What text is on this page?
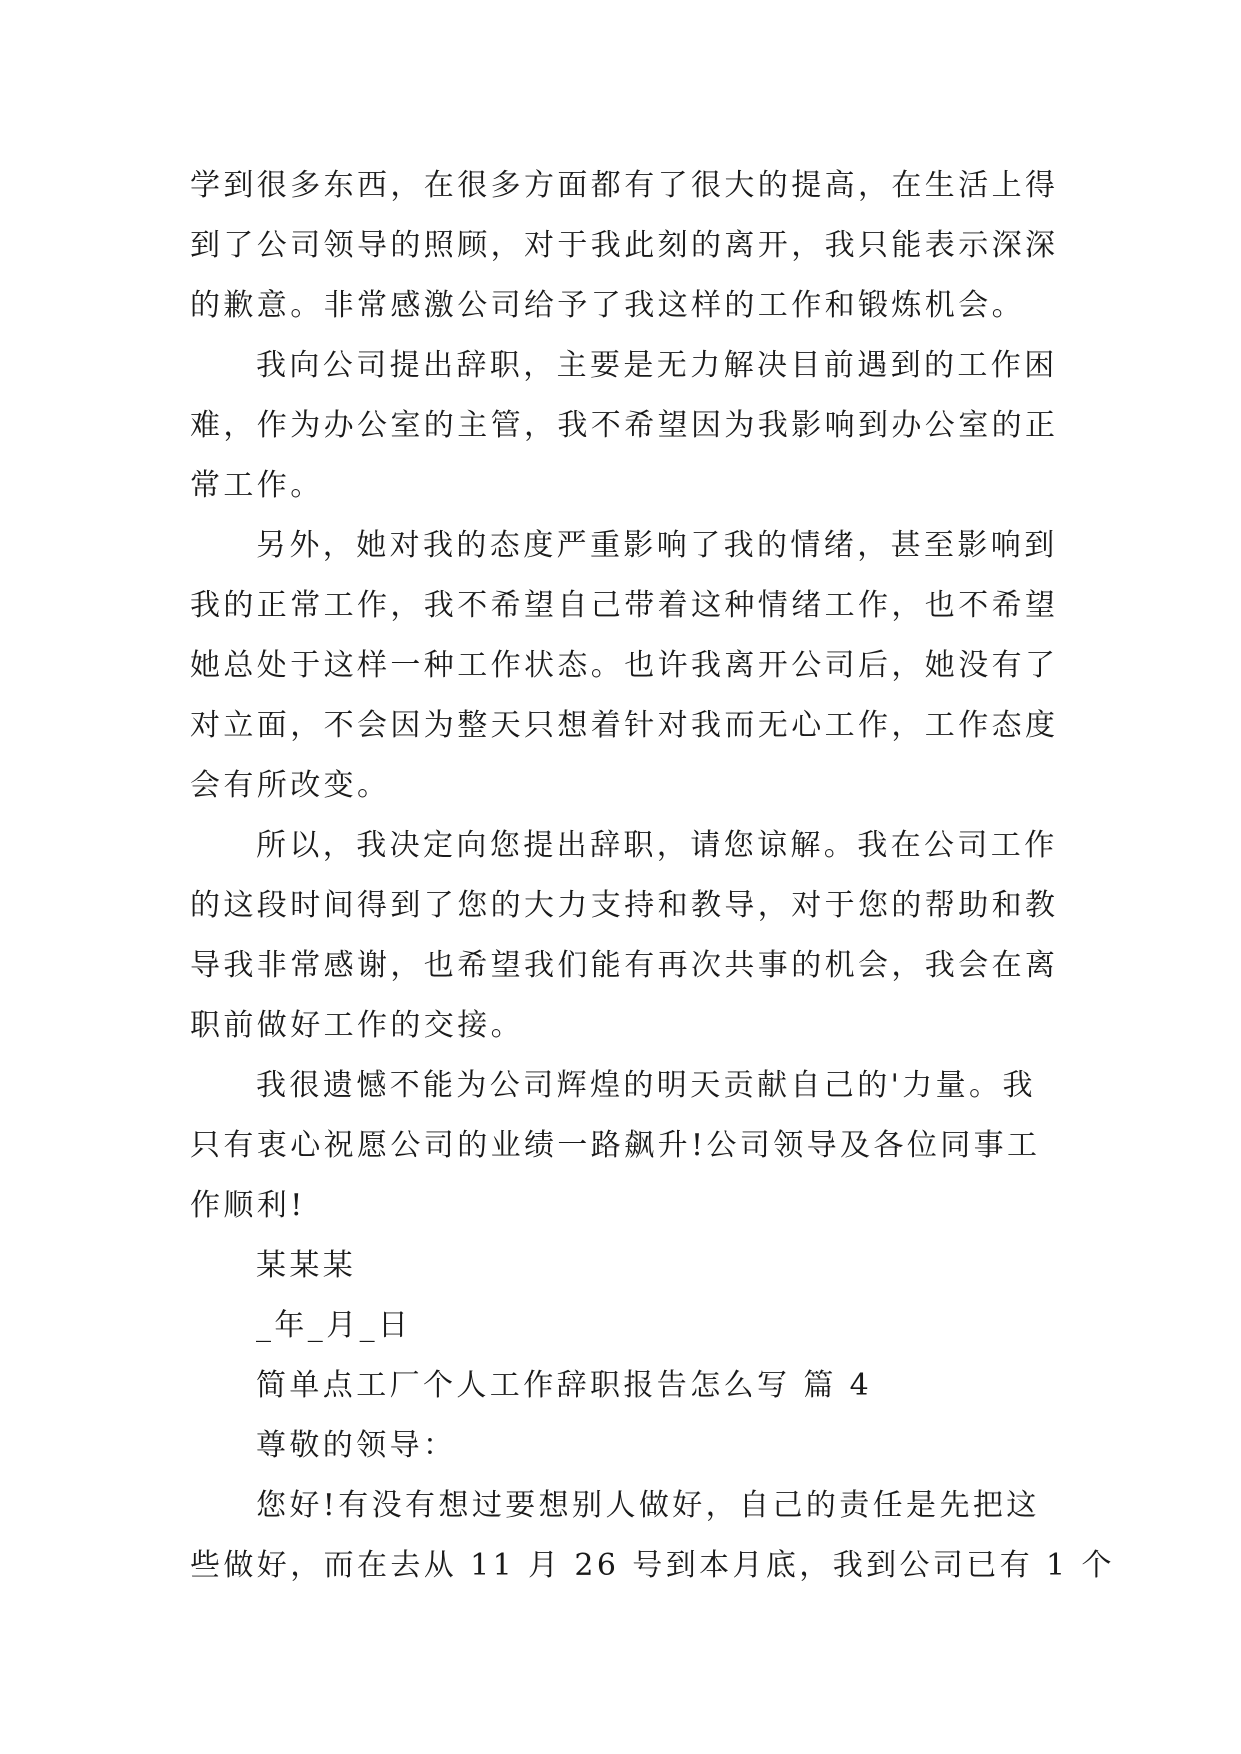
学到很多东西，在很多方面都有了很大的提高，在生活上得
到了公司领导的照顾，对于我此刻的离开，我只能表示深深
的歉意。非常感激公司给予了我这样的工作和锻炼机会。
我向公司提出辞职，主要是无力解决目前遇到的工作困
难，作为办公室的主管，我不希望因为我影响到办公室的正
常工作。
另外，她对我的态度严重影响了我的情绪，甚至影响到
我的正常工作，我不希望自己带着这种情绪工作，也不希望
她总处于这样一种工作状态。也许我离开公司后，她没有了
对立面，不会因为整天只想着针对我而无心工作，工作态度
会有所改变。
所以，我决定向您提出辞职，请您谅解。我在公司工作
的这段时间得到了您的大力支持和教导，对于您的帮助和教
导我非常感谢，也希望我们能有再次共事的机会，我会在离
职前做好工作的交接。
我很遗憾不能为公司辉煌的明天贡献自己的'力量。我
只有衷心祝愿公司的业绩一路飙升!公司领导及各位同事工
作顺利!
某某某
_年_月_日
简单点工厂个人工作辞职报告怎么写 篇 4
尊敬的领导：
您好!有没有想过要想别人做好，自己的责任是先把这
些做好，而在去从 11 月 26 号到本月底，我到公司已有 1 个
